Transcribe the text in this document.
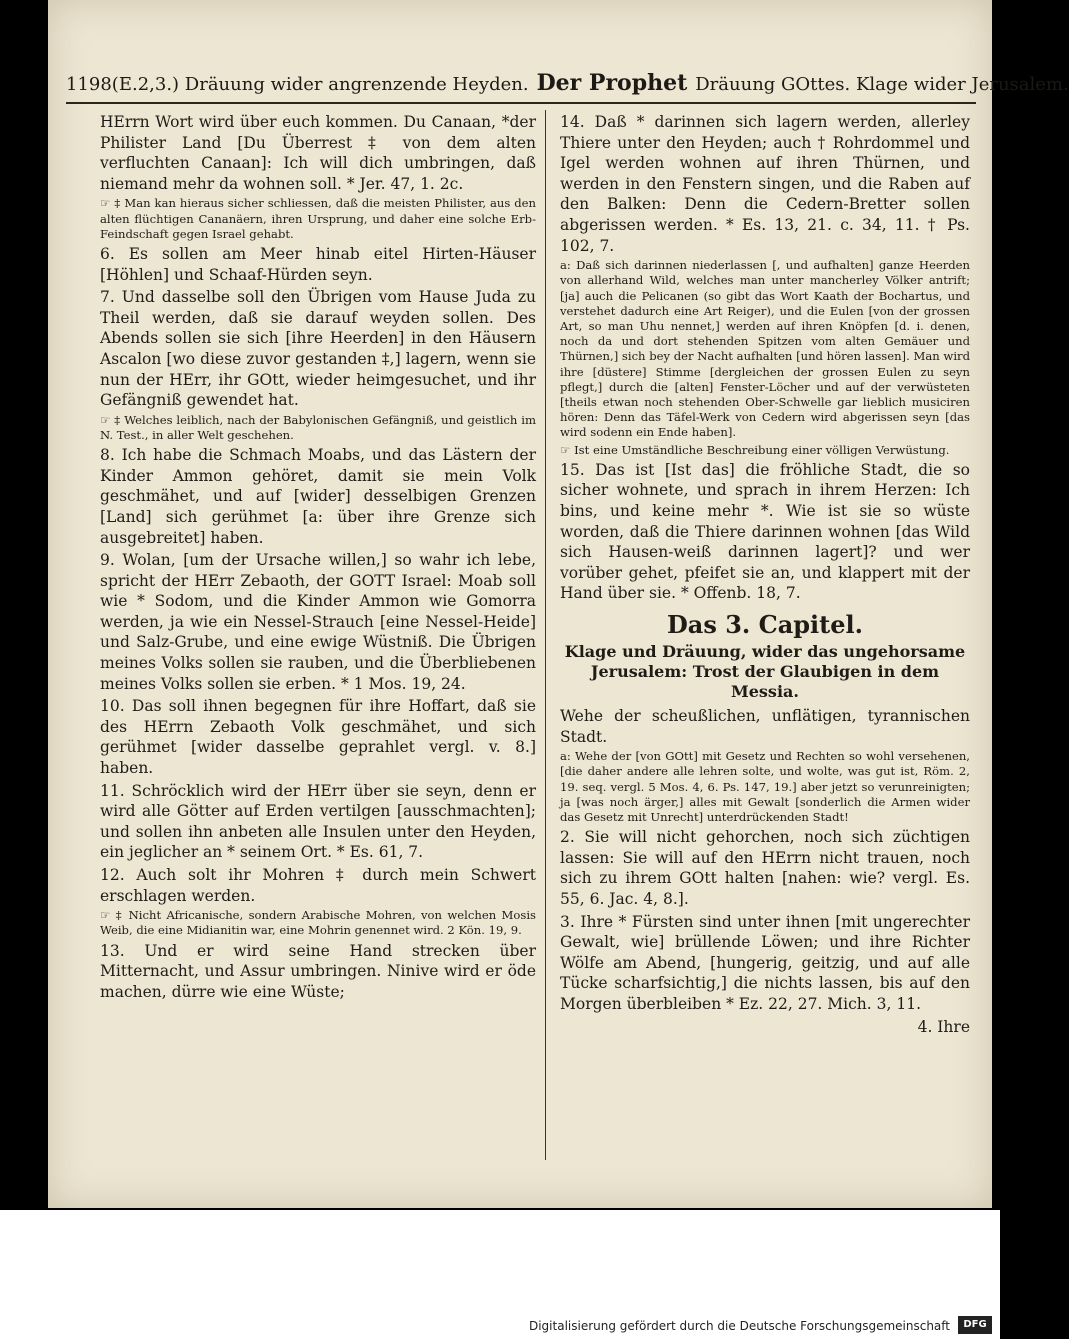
1198(E.2,3.) Dräuung wider angrenzende Heyden. Der Prophet Dräuung GOttes. Klage wider Jerusalem.

HErrn Wort wird über euch kommen. Du Canaan, *der Philister Land [Du Überrest ‡ von dem alten verfluchten Canaan]: Ich will dich umbringen, daß niemand mehr da wohnen soll. * Jer. 47, 1. 2c.

☞ ‡ Man kan hieraus sicher schliessen, daß die meisten Philister, aus den alten flüchtigen Cananäern, ihren Ursprung, und daher eine solche Erb-Feindschaft gegen Israel gehabt.

6. Es sollen am Meer hinab eitel Hirten-Häuser [Höhlen] und Schaaf-Hürden seyn.

7. Und dasselbe soll den Übrigen vom Hause Juda zu Theil werden, daß sie darauf weyden sollen. Des Abends sollen sie sich [ihre Heerden] in den Häusern Ascalon [wo diese zuvor gestanden ‡,] lagern, wenn sie nun der HErr, ihr GOtt, wieder heimgesuchet, und ihr Gefängniß gewendet hat.

☞ ‡ Welches leiblich, nach der Babylonischen Gefängniß, und geistlich im N. Test., in aller Welt geschehen.

8. Ich habe die Schmach Moabs, und das Lästern der Kinder Ammon gehöret, damit sie mein Volk geschmähet, und auf [wider] desselbigen Grenzen [Land] sich gerühmet [a: über ihre Grenze sich ausgebreitet] haben.

9. Wolan, [um der Ursache willen,] so wahr ich lebe, spricht der HErr Zebaoth, der GOTT Israel: Moab soll wie * Sodom, und die Kinder Ammon wie Gomorra werden, ja wie ein Nessel-Strauch [eine Nessel-Heide] und Salz-Grube, und eine ewige Wüstniß. Die Übrigen meines Volks sollen sie rauben, und die Überbliebenen meines Volks sollen sie erben. * 1 Mos. 19, 24.

10. Das soll ihnen begegnen für ihre Hoffart, daß sie des HErrn Zebaoth Volk geschmähet, und sich gerühmet [wider dasselbe geprahlet vergl. v. 8.] haben.

11. Schröcklich wird der HErr über sie seyn, denn er wird alle Götter auf Erden vertilgen [ausschmachten]; und sollen ihn anbeten alle Insulen unter den Heyden, ein jeglicher an * seinem Ort. * Es. 61, 7.

12. Auch solt ihr Mohren ‡ durch mein Schwert erschlagen werden.

☞ ‡ Nicht Africanische, sondern Arabische Mohren, von welchen Mosis Weib, die eine Midianitin war, eine Mohrin genennet wird. 2 Kön. 19, 9.

13. Und er wird seine Hand strecken über Mitternacht, und Assur umbringen. Ninive wird er öde machen, dürre wie eine Wüste;

14. Daß * darinnen sich lagern werden, allerley Thiere unter den Heyden; auch † Rohrdommel und Igel werden wohnen auf ihren Thürnen, und werden in den Fenstern singen, und die Raben auf den Balken: Denn die Cedern-Bretter sollen abgerissen werden. * Es. 13, 21. c. 34, 11. † Ps. 102, 7.

a: Daß sich darinnen niederlassen [, und aufhalten] ganze Heerden von allerhand Wild, welches man unter mancherley Völker antrift; [ja] auch die Pelicanen (so gibt das Wort Kaath der Bochartus, und verstehet dadurch eine Art Reiger), und die Eulen [von der grossen Art, so man Uhu nennet,] werden auf ihren Knöpfen [d. i. denen, noch da und dort stehenden Spitzen vom alten Gemäuer und Thürnen,] sich bey der Nacht aufhalten [und hören lassen]. Man wird ihre [düstere] Stimme [dergleichen der grossen Eulen zu seyn pflegt,] durch die [alten] Fenster-Löcher und auf der verwüsteten [theils etwan noch stehenden Ober-Schwelle gar lieblich musiciren hören: Denn das Täfel-Werk von Cedern wird abgerissen seyn [das wird sodenn ein Ende haben].

☞ Ist eine Umständliche Beschreibung einer völligen Verwüstung.

15. Das ist [Ist das] die fröhliche Stadt, die so sicher wohnete, und sprach in ihrem Herzen: Ich bins, und keine mehr *. Wie ist sie so wüste worden, daß die Thiere darinnen wohnen [das Wild sich Hausen-weiß darinnen lagert]? und wer vorüber gehet, pfeifet sie an, und klappert mit der Hand über sie. * Offenb. 18, 7.

Das 3. Capitel.
Klage und Dräuung, wider das ungehorsame Jerusalem: Trost der Glaubigen in dem Messia.

Wehe der scheußlichen, unflätigen, tyrannischen Stadt.

a: Wehe der [von GOtt] mit Gesetz und Rechten so wohl versehenen, [die daher andere alle lehren solte, und wolte, was gut ist, Röm. 2, 19. seq. vergl. 5 Mos. 4, 6. Ps. 147, 19.] aber jetzt so verunreinigten; ja [was noch ärger,] alles mit Gewalt [sonderlich die Armen wider das Gesetz mit Unrecht] unterdrückenden Stadt!

2. Sie will nicht gehorchen, noch sich züchtigen lassen: Sie will auf den HErrn nicht trauen, noch sich zu ihrem GOtt halten [nahen: wie? vergl. Es. 55, 6. Jac. 4, 8.].

3. Ihre * Fürsten sind unter ihnen [mit ungerechter Gewalt, wie] brüllende Löwen; und ihre Richter Wölfe am Abend, [hungerig, geitzig, und auf alle Tücke scharfsichtig,] die nichts lassen, bis auf den Morgen überbleiben * Ez. 22, 27. Mich. 3, 11.

4. Ihre

Digitalisierung gefördert durch die Deutsche Forschungsgemeinschaft	DFG
